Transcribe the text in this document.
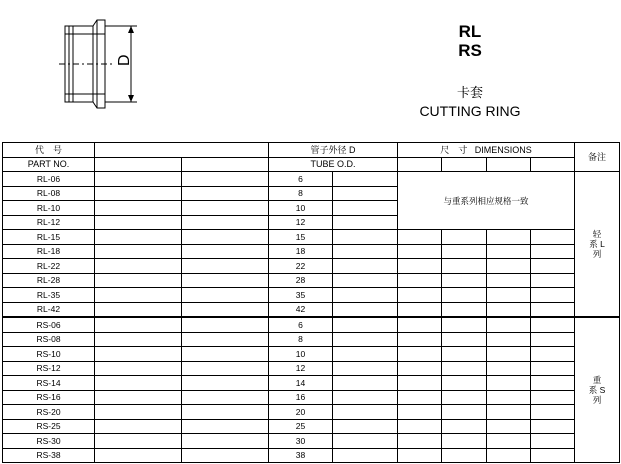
D
RL
RS
卡套
CUTTING RING
代　号			管子外径 D		尺　寸 DIMENSIONS				备注
PART NO.			TUBE O.D.						
RL-06			6		与重系列相应规格一致				轻
系 L
列

RL-08			8						
RL-10			10						
RL-12			12						
RL-15			15						
RL-18			18						
RL-22			22						
RL-28			28						
RL-35			35						
RL-42			42						
RS-06			6						重
系 S
列

RS-08			8						
RS-10			10						
RS-12			12						
RS-14			14						
RS-16			16						
RS-20			20						
RS-25			25						
RS-30			30						
RS-38			38						
